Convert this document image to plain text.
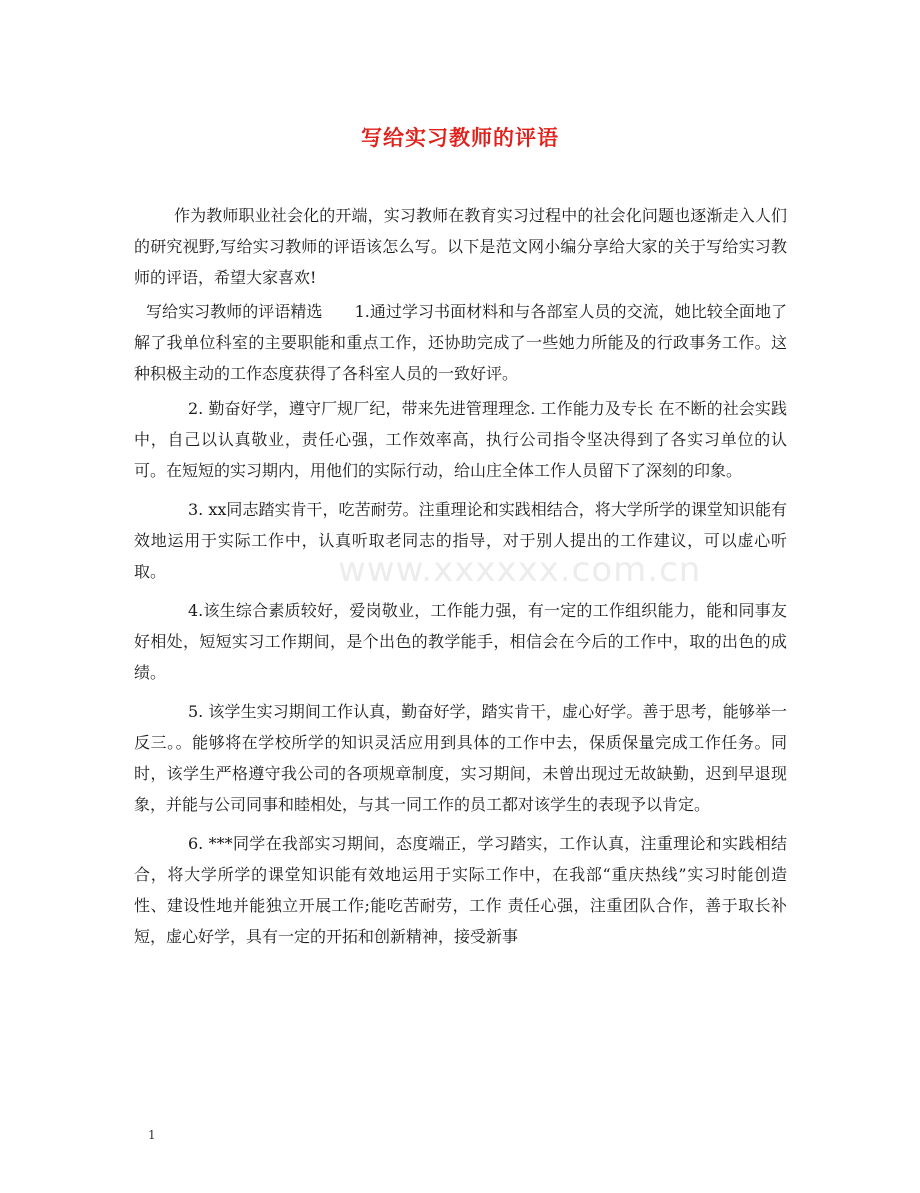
写给实习教师的评语
www.xxxxxx.com.cn

作为教师职业社会化的开端，实习教师在教育实习过程中的社会化问题也逐渐走入人们的研究视野,写给实习教师的评语该怎么写。以下是范文网小编分享给大家的关于写给实习教师的评语，希望大家喜欢!

写给实习教师的评语精选　　1.通过学习书面材料和与各部室人员的交流，她比较全面地了解了我单位科室的主要职能和重点工作，还协助完成了一些她力所能及的行政事务工作。这种积极主动的工作态度获得了各科室人员的一致好评。

2. 勤奋好学，遵守厂规厂纪，带来先进管理理念. 工作能力及专长 在不断的社会实践中，自己以认真敬业，责任心强，工作效率高，执行公司指令坚决得到了各实习单位的认可。在短短的实习期内，用他们的实际行动，给山庄全体工作人员留下了深刻的印象。

3. xx同志踏实肯干，吃苦耐劳。注重理论和实践相结合，将大学所学的课堂知识能有效地运用于实际工作中，认真听取老同志的指导，对于别人提出的工作建议，可以虚心听取。

4.该生综合素质较好，爱岗敬业，工作能力强，有一定的工作组织能力，能和同事友好相处，短短实习工作期间，是个出色的教学能手，相信会在今后的工作中，取的出色的成绩。

5. 该学生实习期间工作认真，勤奋好学，踏实肯干，虚心好学。善于思考，能够举一反三。。能够将在学校所学的知识灵活应用到具体的工作中去，保质保量完成工作任务。同时，该学生严格遵守我公司的各项规章制度，实习期间，未曾出现过无故缺勤，迟到早退现象，并能与公司同事和睦相处，与其一同工作的员工都对该学生的表现予以肯定。

6. ***同学在我部实习期间，态度端正，学习踏实，工作认真，注重理论和实践相结合，将大学所学的课堂知识能有效地运用于实际工作中，在我部“重庆热线”实习时能创造性、建设性地并能独立开展工作;能吃苦耐劳，工作 责任心强，注重团队合作，善于取长补短，虚心好学，具有一定的开拓和创新精神，接受新事

1
